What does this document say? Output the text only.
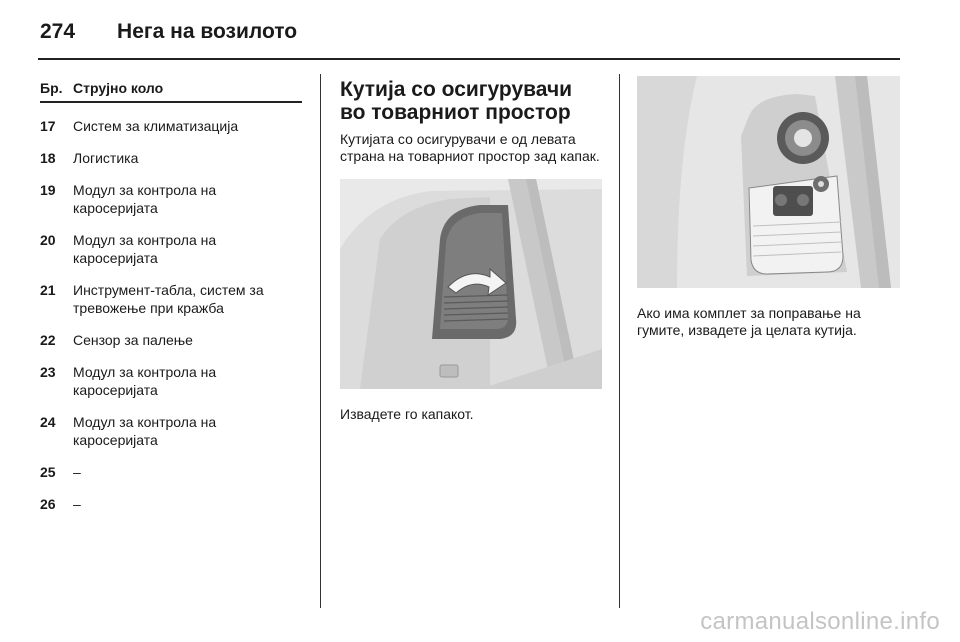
274 Нега на возилото
Бр. Струјно коло
17	Систем за климатизација
18	Логистика
19	Модул за контрола на каросеријата
20	Модул за контрола на каросеријата
21	Инструмент-табла, систем за тревожење при кражба
22	Сензор за палење
23	Модул за контрола на каросеријата
24	Модул за контрола на каросеријата
25	–
26	–
Кутија со осигурувачи во товарниот простор
Кутијата со осигурувачи е од левата страна на товарниот простор зад капак.
Извадете го капакот.
Ако има комплет за поправање на гумите, извадете ја целата кутија.
carmanualsonline.info
